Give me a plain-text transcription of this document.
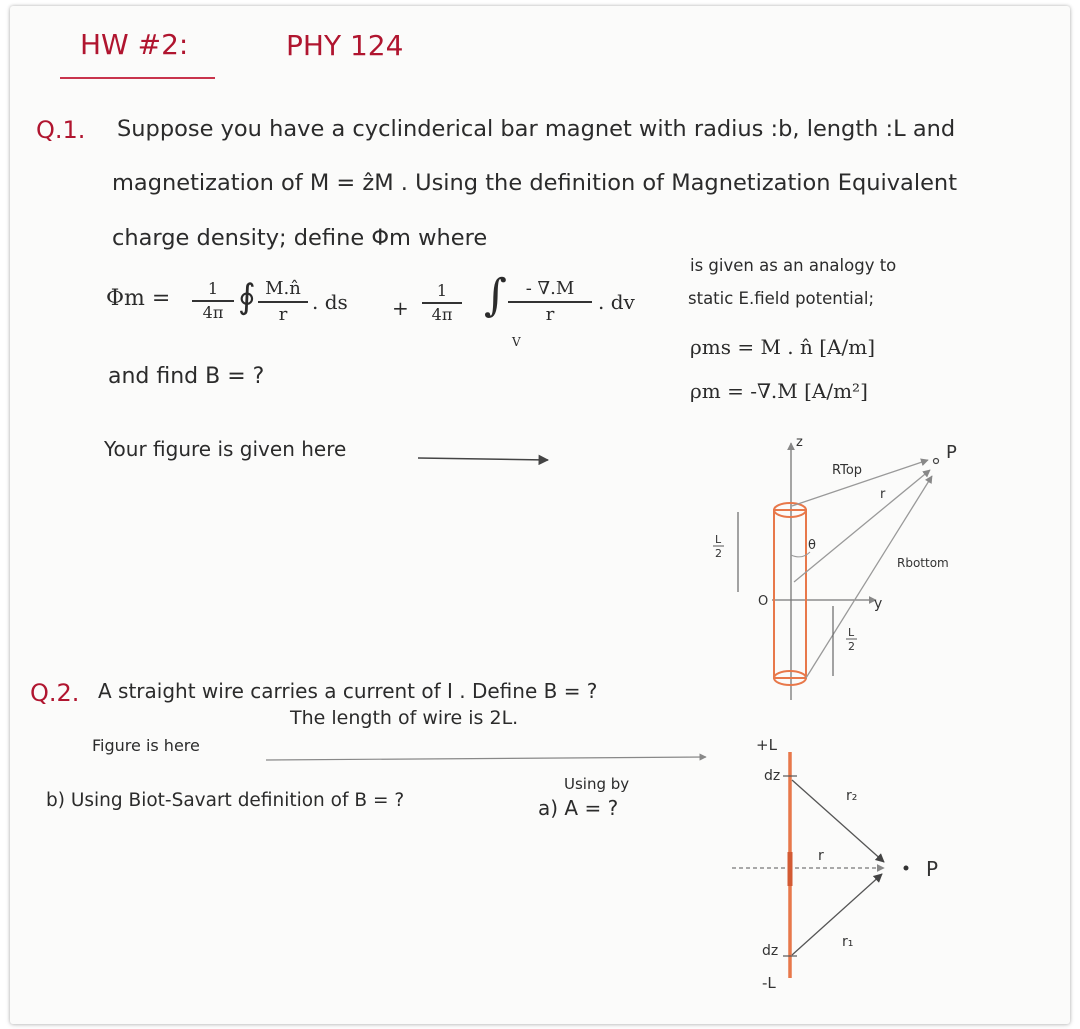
HW #2:	PHY 124
Q.1. Suppose you have a cyclinderical bar magnet with radius :b, length :L and
magnetization of M = ẑM . Using the definition of Magnetization Equivalent
charge density; define Φm where
Φm =	1
4π ∮ M.n̂
r	. ds +
1
4π ∫
V
- ∇.M
r	. dv
is given as an analogy to
static E.field potential;
ρms = M . n̂ [A/m]
ρm = -∇.M [A/m²]
and find B = ?
Your figure is given here
Q.2. A straight wire carries a current of I . Define B = ?
The length of wire is 2L.
Figure is here
b) Using Biot-Savart definition of B = ?
Using by
a) A = ?
z
y
O
θ
RTop
r
Rbottom
P
L
2
L
2
+L
-L
dz
dz
r₂
r
r₁
P
